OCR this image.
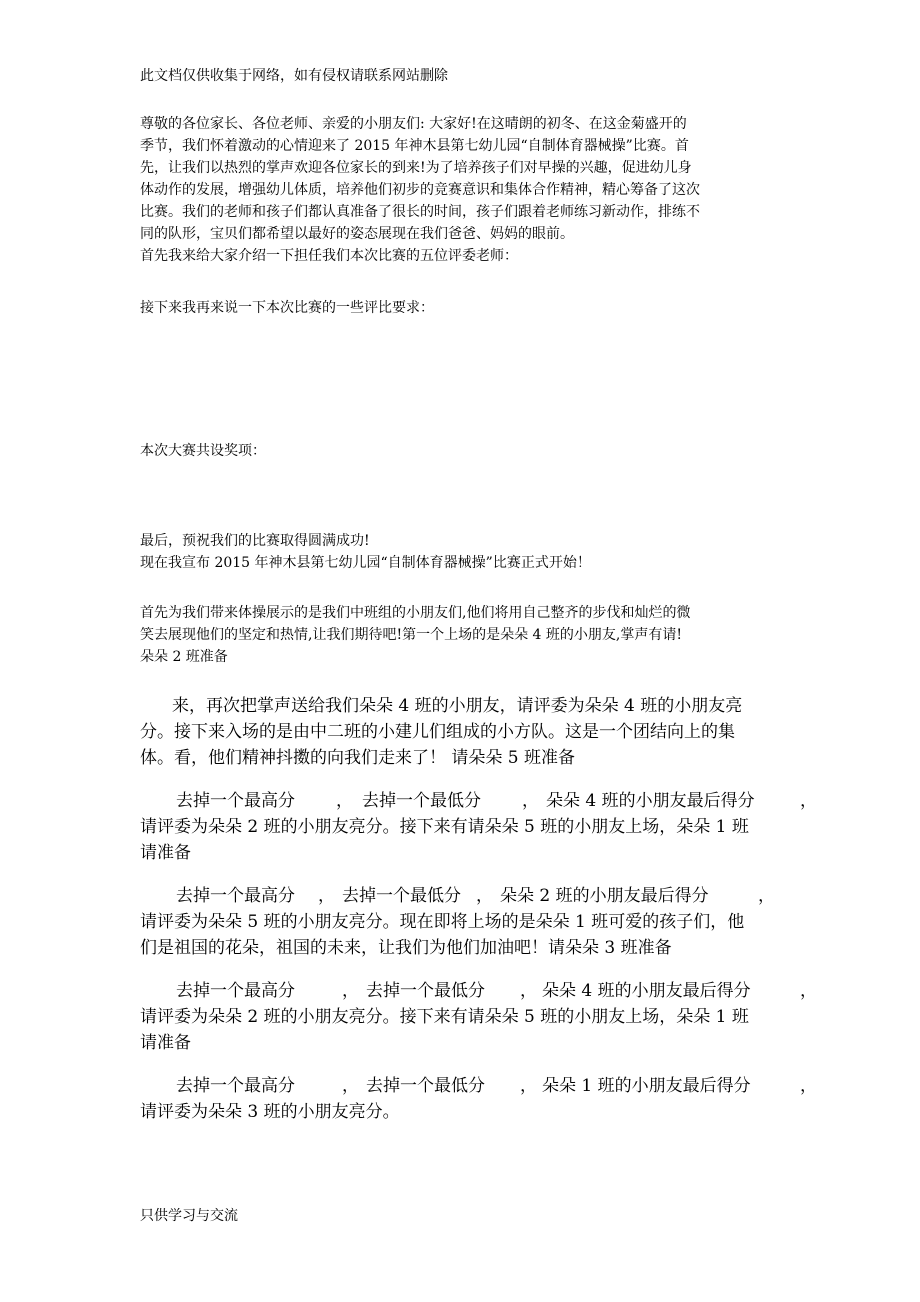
此文档仅供收集于网络，如有侵权请联系网站删除
尊敬的各位家长、各位老师、亲爱的小朋友们: 大家好!在这晴朗的初冬、在这金菊盛开的
季节，我们怀着激动的心情迎来了 2015 年神木县第七幼儿园“自制体育器械操”比赛。首
先，让我们以热烈的掌声欢迎各位家长的到来!为了培养孩子们对早操的兴趣，促进幼儿身
体动作的发展，增强幼儿体质，培养他们初步的竞赛意识和集体合作精神，精心筹备了这次
比赛。我们的老师和孩子们都认真准备了很长的时间，孩子们跟着老师练习新动作，排练不
同的队形，宝贝们都希望以最好的姿态展现在我们爸爸、妈妈的眼前。
首先我来给大家介绍一下担任我们本次比赛的五位评委老师：
接下来我再来说一下本次比赛的一些评比要求：
本次大赛共设奖项：
最后，预祝我们的比赛取得圆满成功!
现在我宣布 2015 年神木县第七幼儿园“自制体育器械操”比赛正式开始！
首先为我们带来体操展示的是我们中班组的小朋友们,他们将用自己整齐的步伐和灿烂的微
笑去展现他们的坚定和热情,让我们期待吧!第一个上场的是朵朵 4 班的小朋友,掌声有请!
朵朵 2 班准备
来，再次把掌声送给我们朵朵 4 班的小朋友，请评委为朵朵 4 班的小朋友亮
分。接下来入场的是由中二班的小建儿们组成的小方队。这是一个团结向上的集
体。看，他们精神抖擞的向我们走来了！ 请朵朵 5 班准备
去掉一个最高分 ， 去掉一个最低分 ， 朵朵 4 班的小朋友最后得分	，
请评委为朵朵 2 班的小朋友亮分。接下来有请朵朵 5 班的小朋友上场，朵朵 1 班
请准备
去掉一个最高分 ， 去掉一个最低分 ， 朵朵 2 班的小朋友最后得分	，
请评委为朵朵 5 班的小朋友亮分。现在即将上场的是朵朵 1 班可爱的孩子们，他
们是祖国的花朵，祖国的未来，让我们为他们加油吧！请朵朵 3 班准备
去掉一个最高分	， 去掉一个最低分 ， 朵朵 4 班的小朋友最后得分	，
请评委为朵朵 2 班的小朋友亮分。接下来有请朵朵 5 班的小朋友上场，朵朵 1 班
请准备
去掉一个最高分	， 去掉一个最低分 ， 朵朵 1 班的小朋友最后得分	，
请评委为朵朵 3 班的小朋友亮分。
只供学习与交流
